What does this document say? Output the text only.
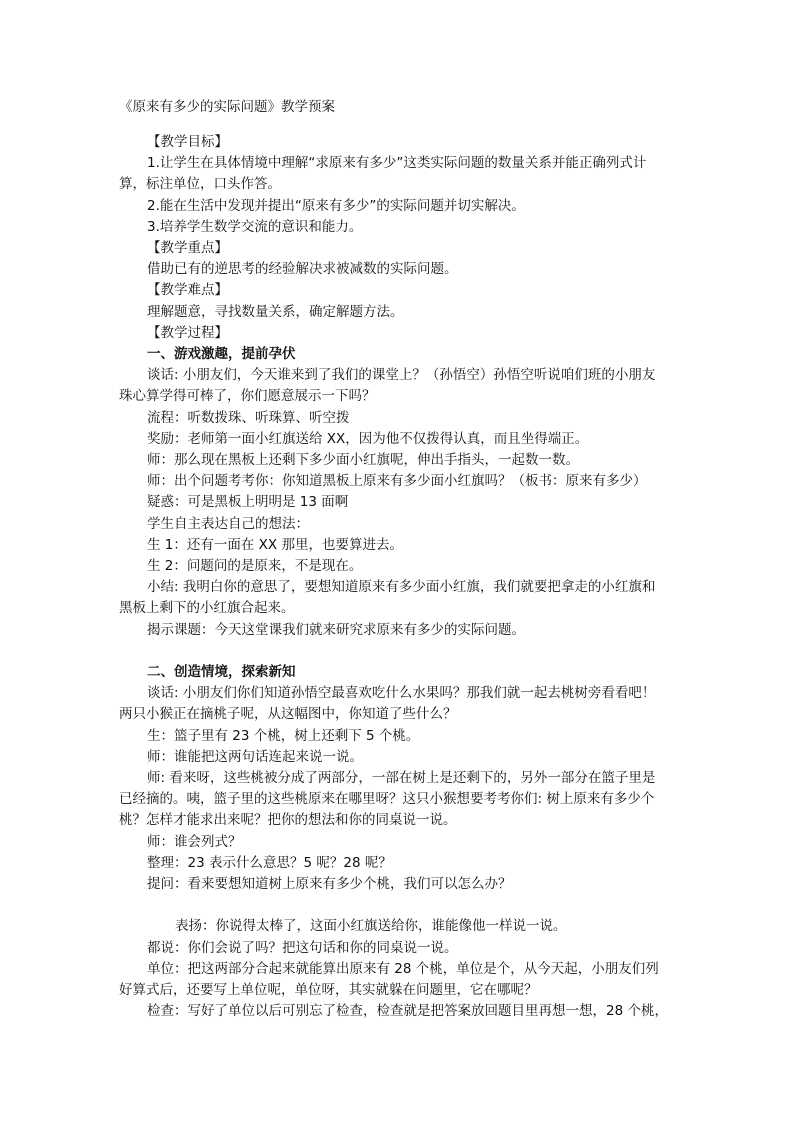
《原来有多少的实际问题》教学预案
【教学目标】
1.让学生在具体情境中理解“求原来有多少”这类实际问题的数量关系并能正确列式计
算，标注单位，口头作答。
2.能在生活中发现并提出“原来有多少”的实际问题并切实解决。
3.培养学生数学交流的意识和能力。
【教学重点】
借助已有的逆思考的经验解决求被减数的实际问题。
【教学难点】
理解题意，寻找数量关系，确定解题方法。
【教学过程】
一、游戏激趣，提前孕伏
谈话: 小朋友们，今天谁来到了我们的课堂上？（孙悟空）孙悟空听说咱们班的小朋友
珠心算学得可棒了，你们愿意展示一下吗？
流程：听数拨珠、听珠算、听空拨
奖励：老师第一面小红旗送给 XX，因为他不仅拨得认真，而且坐得端正。
师：那么现在黑板上还剩下多少面小红旗呢，伸出手指头，一起数一数。
师：出个问题考考你：你知道黑板上原来有多少面小红旗吗？（板书：原来有多少）
疑惑：可是黑板上明明是 13 面啊
学生自主表达自己的想法：
生 1：还有一面在 XX 那里，也要算进去。
生 2：问题问的是原来，不是现在。
小结: 我明白你的意思了，要想知道原来有多少面小红旗，我们就要把拿走的小红旗和
黑板上剩下的小红旗合起来。
揭示课题：今天这堂课我们就来研究求原来有多少的实际问题。
二、创造情境，探索新知
谈话: 小朋友们你们知道孙悟空最喜欢吃什么水果吗？那我们就一起去桃树旁看看吧！
两只小猴正在摘桃子呢，从这幅图中，你知道了些什么？
生：篮子里有 23 个桃，树上还剩下 5 个桃。
师：谁能把这两句话连起来说一说。
师: 看来呀，这些桃被分成了两部分，一部在树上是还剩下的，另外一部分在篮子里是
已经摘的。咦，篮子里的这些桃原来在哪里呀？这只小猴想要考考你们: 树上原来有多少个
桃？怎样才能求出来呢？把你的想法和你的同桌说一说。
师：谁会列式？
整理：23 表示什么意思？5 呢？28 呢？
提问：看来要想知道树上原来有多少个桃，我们可以怎么办？
表扬：你说得太棒了，这面小红旗送给你，谁能像他一样说一说。
都说：你们会说了吗？把这句话和你的同桌说一说。
单位：把这两部分合起来就能算出原来有 28 个桃，单位是个，从今天起，小朋友们列
好算式后，还要写上单位呢，单位呀，其实就躲在问题里，它在哪呢？
检查：写好了单位以后可别忘了检查，检查就是把答案放回题目里再想一想，28 个桃，
